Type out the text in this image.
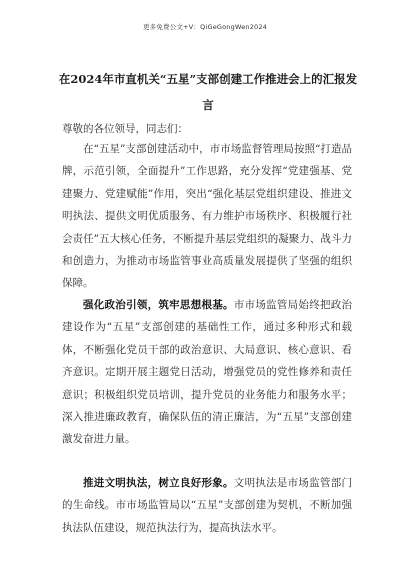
更多免费公文+V：QiGeGongWen2024
在2024年市直机关“五星”支部创建工作推进会上的汇报发言
尊敬的各位领导，同志们：

在“五星”支部创建活动中，市市场监督管理局按照“打造品牌，示范引领，全面提升”工作思路，充分发挥“党建强基、党建聚力、党建赋能”作用，突出“强化基层党组织建设、推进文明执法、提供文明优质服务、有力维护市场秩序、积极履行社会责任”五大核心任务，不断提升基层党组织的凝聚力、战斗力和创造力，为推动市场监管事业高质量发展提供了坚强的组织保障。

强化政治引领，筑牢思想根基。市市场监管局始终把政治建设作为“五星”支部创建的基础性工作，通过多种形式和载体，不断强化党员干部的政治意识、大局意识、核心意识、看齐意识。定期开展主题党日活动，增强党员的党性修养和责任意识；积极组织党员培训，提升党员的业务能力和服务水平；深入推进廉政教育，确保队伍的清正廉洁，为“五星”支部创建激发奋进力量。

推进文明执法，树立良好形象。文明执法是市场监管部门的生命线。市市场监管局以“五星”支部创建为契机，不断加强执法队伍建设，规范执法行为，提高执法水平。
